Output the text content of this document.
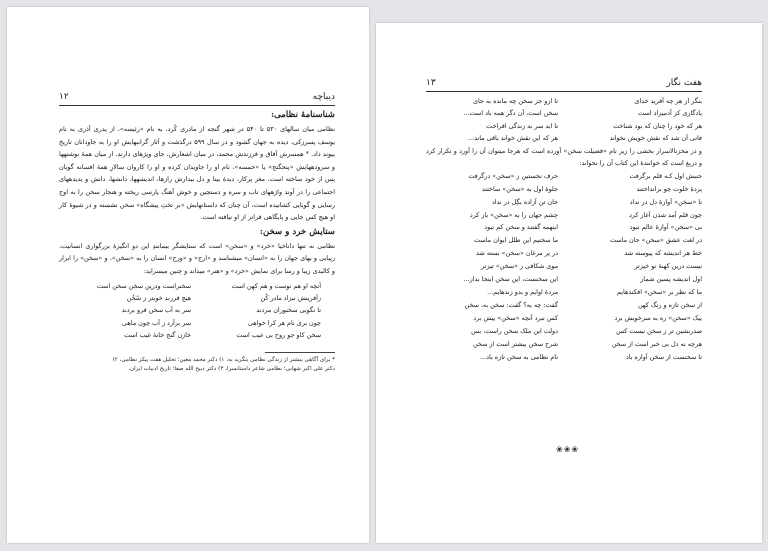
۱۲	دیباچه
شناسنامهٔ نظامی:

نظامی میان سالهای ۵۳۰ تا ۵۴۰ در شهر گنجه از مادری کُرد، به نام «رئیسه»، از پدری آذری به نام یوسف پسرزکی، دیده به جهان گشود و در سال ۵۹۹ درگذشت و آثار گرانبهایش او را به جاودانان تاریخ پیوند داد. * همسرش آفاق و فرزندش محمد، در میان اشعارش، جای ویژهای دارند. از میان همهٔ نوشتهها و سرودههایش «پنجگنج» یا «خمسه»، نام او را جاویدان کرده و او را کاروان سالارِ همهٔ افسانه گویان پس از خود ساخته است. مغز پرکار، دیدهٔ بینا و دل بیدارش رازها، اندیشهها، دانشها، دانش و پدیدههای اجتماعی را در آوند واژههای ناب و سره و دستچین و خوش آهنگ پارسی ریخته و هنجار سخن را به اوج رسایی و گویایی کشانیده است، آن چنان که داستانهایش «بر تختِ پیشگاه» سخن نشسته و در شیوهٔ کار او هیچ کس جایی و پایگاهی فراتر از او نیافته است.

ستایش خرد و سخن:

نظامی نه تنها داناخیا «خرد» و «سخن» است که ستایشگر بیمانندِ این دو انگیزهٔ بزرگواری انسانیت، زیبایی و بهای جهان را به «انسان» میشناسد و «ارج» و «ورج» انسان را به «سخن»، و «سخن» را ابزار و کالبدی زیبا و رسا برای نمایش «خرد» و «هنر» میداند و چنین میسراید:

آنچه او هم نوست و هم کهن است
سخنراست ودرین سخن سخن است
زآفرینش نبزاد مادر کُن
هیچ فرزند خوبتر ز سُخُن
تا نگویی سخنوران مردند
سر به آب سخن فرو بردند
چون بری نام هر کرا خواهی
سر برآرد ز آب چون ماهی
سخن کاو جو روح بی عیب است
خازن گنج خانهٔ غیب است
* برای آگاهی بیشتر از زندگی نظامی بنگرید به: ۱) دکتر محمد معین؛ تحلیل هفت پیکر نظامی، ۲)
دکتر علی اکبر شهابی؛ نظامی شاعر داستانسرا، ۳) دکتر ذبیح الله صفا؛ تاریخ ادبیات ایران.
۱۳	هفت نگار
بنگر از هر چه آفرید خدای
تا ازو جز سخن چه مانده به جای
یادگاری کز آدمیزاد است
سخن است، آن دگر همه باد است...
هر که خود را چنان که بود شناخت
تا ابد سر به زندگی افراخت
فانی آن شد که نقش خویش نخواند
هر که این نقش خواند باقی ماند...

و در مخزنالاسرار بخشی را زیر نام «فضیلت سخن» آورده است که هرجا میتوان آن را آورد و تکرار کرد و دریغ است که خوانندهٔ این کتاب آن را نخواند:

جنبش اول کـه قلم برگرفت
حرف نخستین ز «سخن» درگرفت
پردهٔ خلوت چو برانداختند
جلوهٔ اول به «سخن» ساختند
تا «سخن» آوازهٔ دل در نداد
جان تن آزاده بگِل در نداد
چون قلم آمد شدن آغاز کرد
چشم جهان را به «سخن» باز کرد
بی «سخن» آوازهٔ عالم نبود
اینهمه گفتند و سخن کم نبود
در لغت عشق «سخن» جان ماست
ما سخنیم این طلل ایوان ماست
خط هر اندیشه که پیوسته شد
در پر مرغان «سخن» بسته شد
نیست درین کهنهٔ نو خیزتر
موی شکافی ز «سخن» تیزتر
اول اندیشه پسین شمار
این سخنست، این سخن اینجا بدار...
ما که نظر بر «سخن» افکندهایم
مردهٔ اوایم و بدو زندهایم...
از سخن تازه و رنگ کهن
گفت: چه به؟ گفت: سخن به، سخن
پیک «سخن» ره به سرخویش برد
کس نبرد آنچه «سخن» پیش برد
صدرنشین تر ز سخن نیست کس
دولت این ملک سخن راست، بس
هرچه نه دل بی خبر است از سخن
شرح سخن بیشتر است از سخن
تا سخنست از سخن آوازه باد
نام نظامی به سخن تازه باد...
❀❀❀
